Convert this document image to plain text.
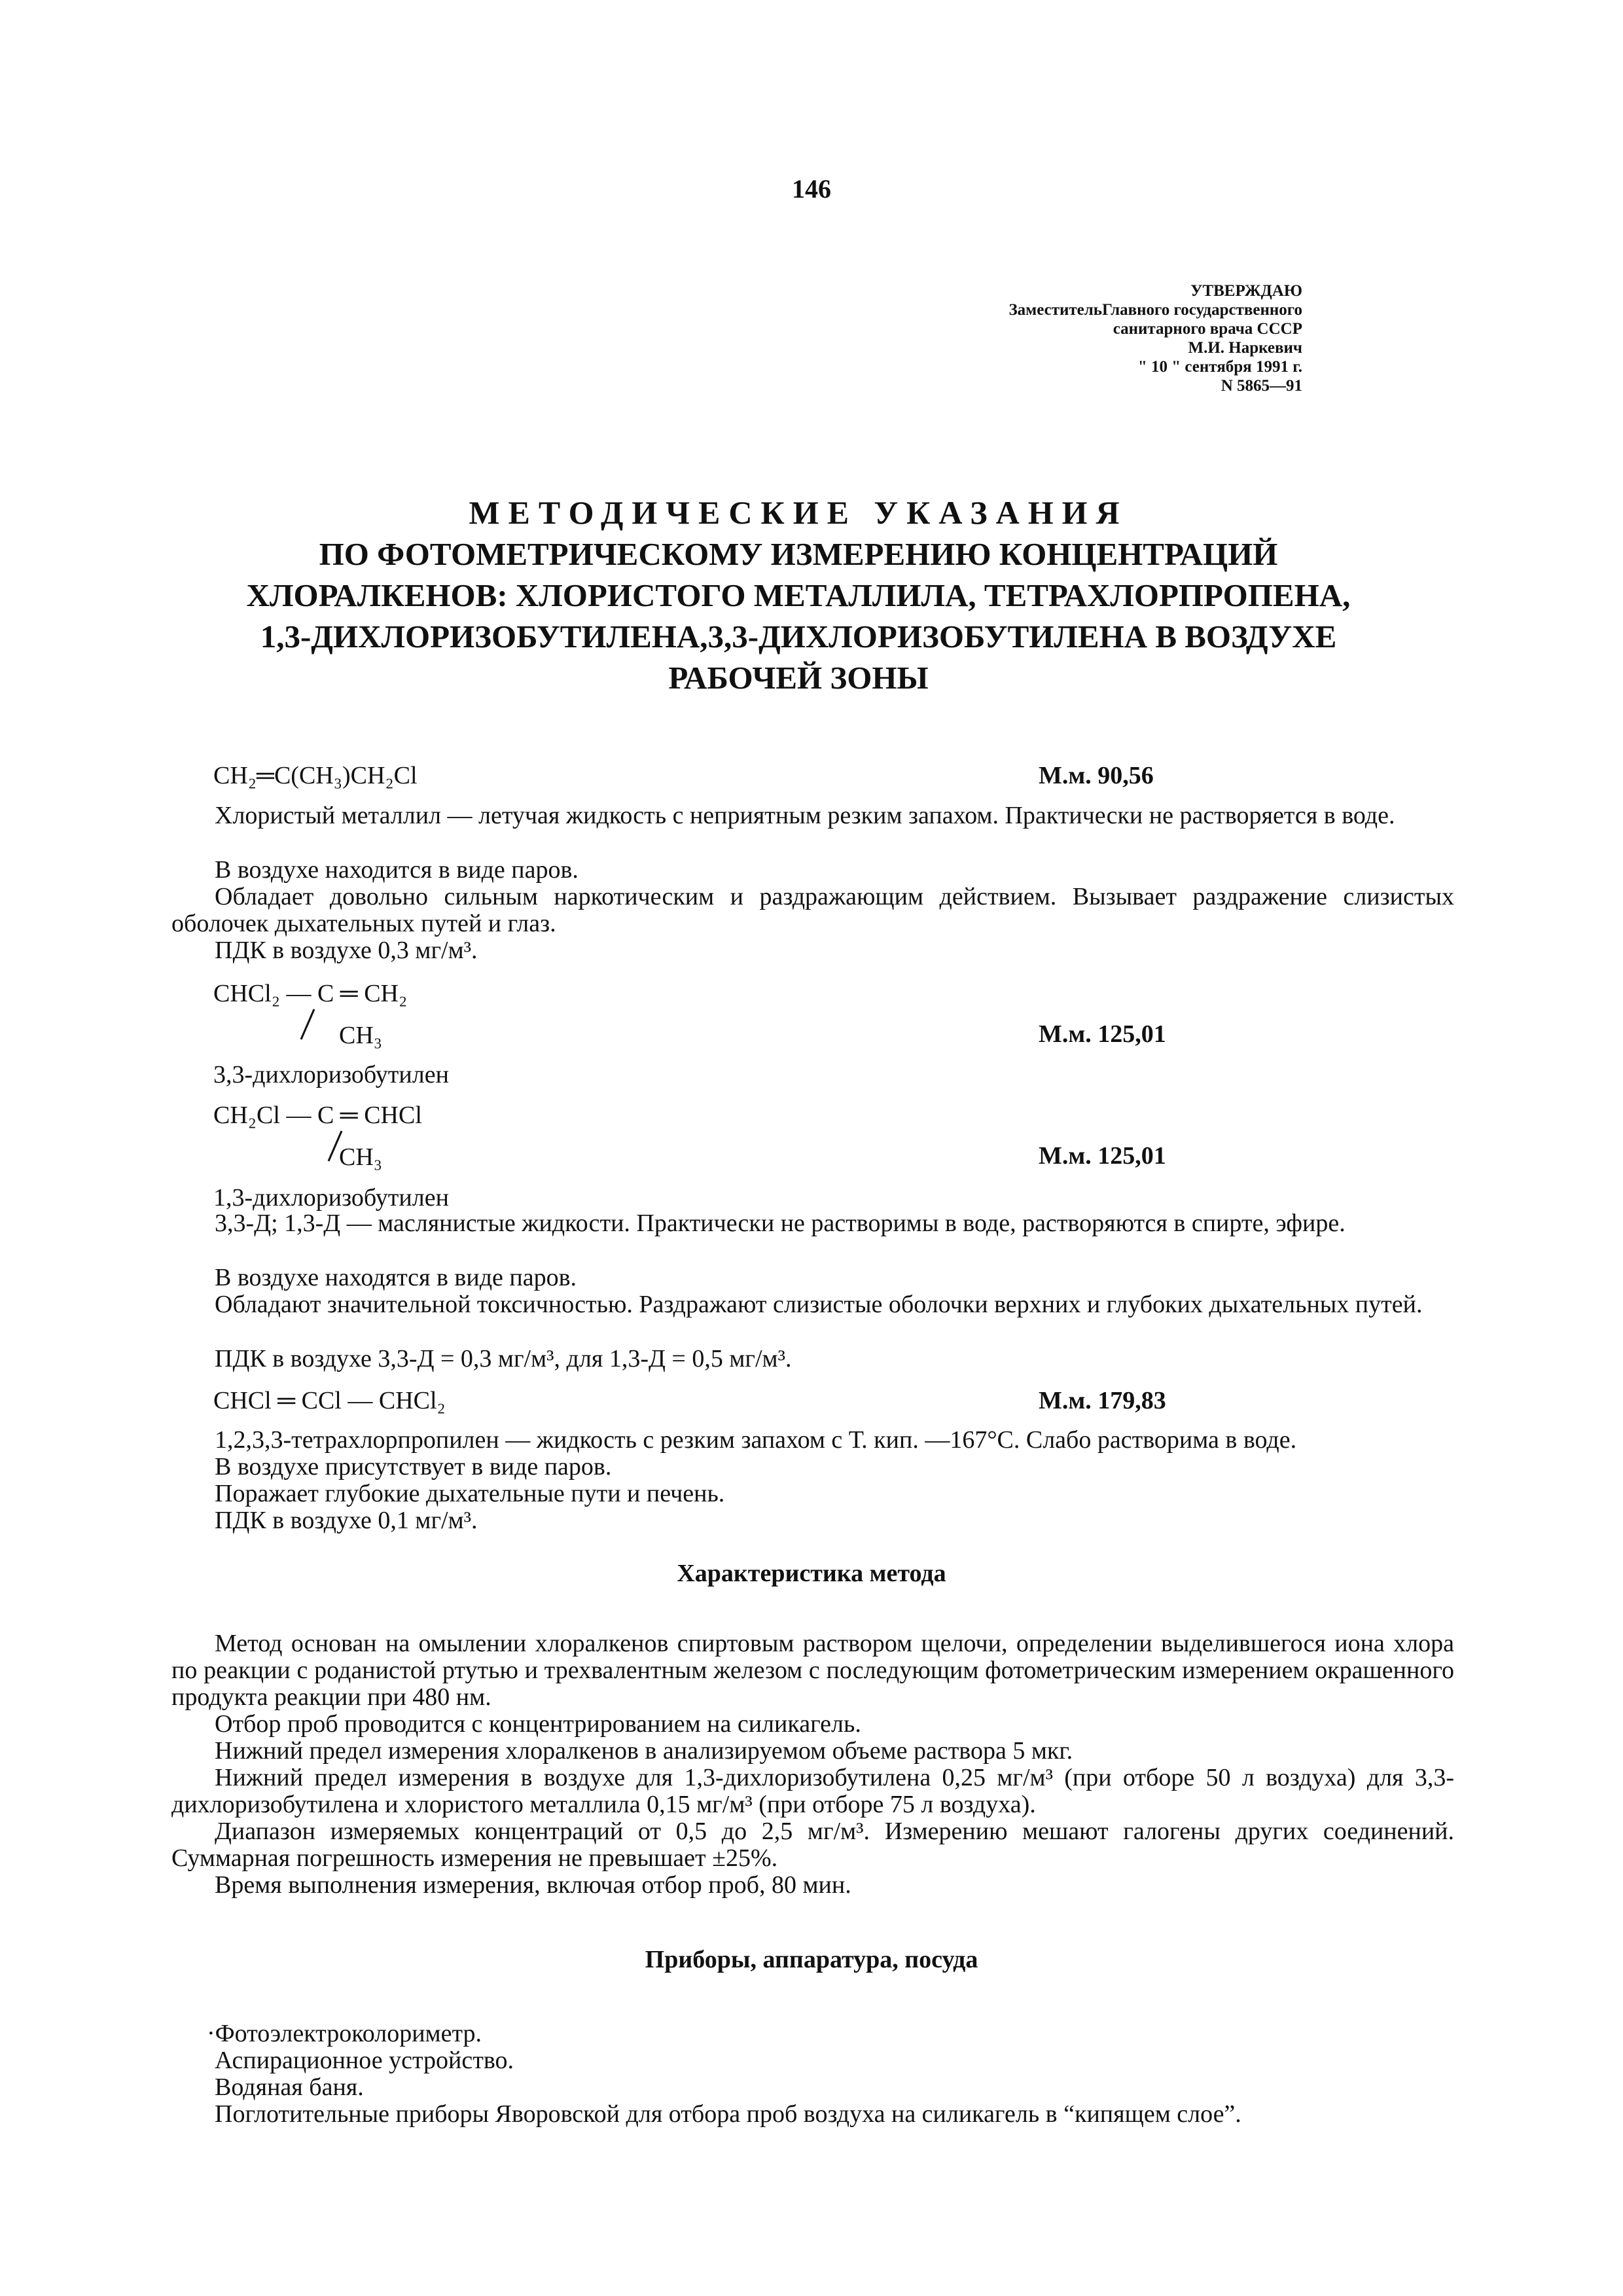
146
УТВЕРЖДАЮ
ЗаместительГлавного государственного
санитарного врача СССР
М.И. Наркевич
" 10 " сентября 1991 г.
N 5865—91
МЕТОДИЧЕСКИЕ УКАЗАНИЯ
ПО ФОТОМЕТРИЧЕСКОМУ ИЗМЕРЕНИЮ КОНЦЕНТРАЦИЙ
ХЛОРАЛКЕНОВ: ХЛОРИСТОГО МЕТАЛЛИЛА, ТЕТРАХЛОРПРОПЕНА,
1,3-ДИХЛОРИЗОБУТИЛЕНА,3,3-ДИХЛОРИЗОБУТИЛЕНА В ВОЗДУХЕ
РАБОЧЕЙ ЗОНЫ
CH₂═C(CH₃)CH₂Cl	М.м. 90,56
Хлористый металлил — летучая жидкость с неприятным резким запахом. Практически не растворяется в воде.
В воздухе находится в виде паров.
Обладает довольно сильным наркотическим и раздражающим действием. Вызывает раздражение слизистых оболочек дыхательных путей и глаз.
ПДК в воздухе 0,3 мг/м³.
CHCl₂ — C ═ CH₂
CH₃	М.м. 125,01
3,3-дихлоризобутилен
CH₂Cl — C ═ CHCl
CH₃	М.м. 125,01
1,3-дихлоризобутилен
3,3-Д; 1,3-Д — маслянистые жидкости. Практически не растворимы в воде, растворяются в спирте, эфире.
В воздухе находятся в виде паров.
Обладают значительной токсичностью. Раздражают слизистые оболочки верхних и глубоких дыхательных путей.
ПДК в воздухе 3,3-Д = 0,3 мг/м³, для 1,3-Д = 0,5 мг/м³.
CHCl ═ CCl — CHCl₂	М.м. 179,83
1,2,3,3-тетрахлорпропилен — жидкость с резким запахом с Т. кип. —167°С. Слабо растворима в воде.
В воздухе присутствует в виде паров.
Поражает глубокие дыхательные пути и печень.
ПДК в воздухе 0,1 мг/м³.
Характеристика метода
Метод основан на омылении хлоралкенов спиртовым раствором щелочи, определении выделившегося иона хлора по реакции с роданистой ртутью и трехвалентным железом с последующим фотометрическим измерением окрашенного продукта реакции при 480 нм.
Отбор проб проводится с концентрированием на силикагель.
Нижний предел измерения хлоралкенов в анализируемом объеме раствора 5 мкг.
Нижний предел измерения в воздухе для 1,3-дихлоризобутилена 0,25 мг/м³ (при отборе 50 л воздуха) для 3,3-дихлоризобутилена и хлористого металлила 0,15 мг/м³ (при отборе 75 л воздуха).
Диапазон измеряемых концентраций от 0,5 до 2,5 мг/м³. Измерению мешают галогены других соединений. Суммарная погрешность измерения не превышает ±25%.
Время выполнения измерения, включая отбор проб, 80 мин.
Приборы, аппаратура, посуда
·Фотоэлектроколориметр.
Аспирационное устройство.
Водяная баня.
Поглотительные приборы Яворовской для отбора проб воздуха на силикагель в “кипящем слое”.
